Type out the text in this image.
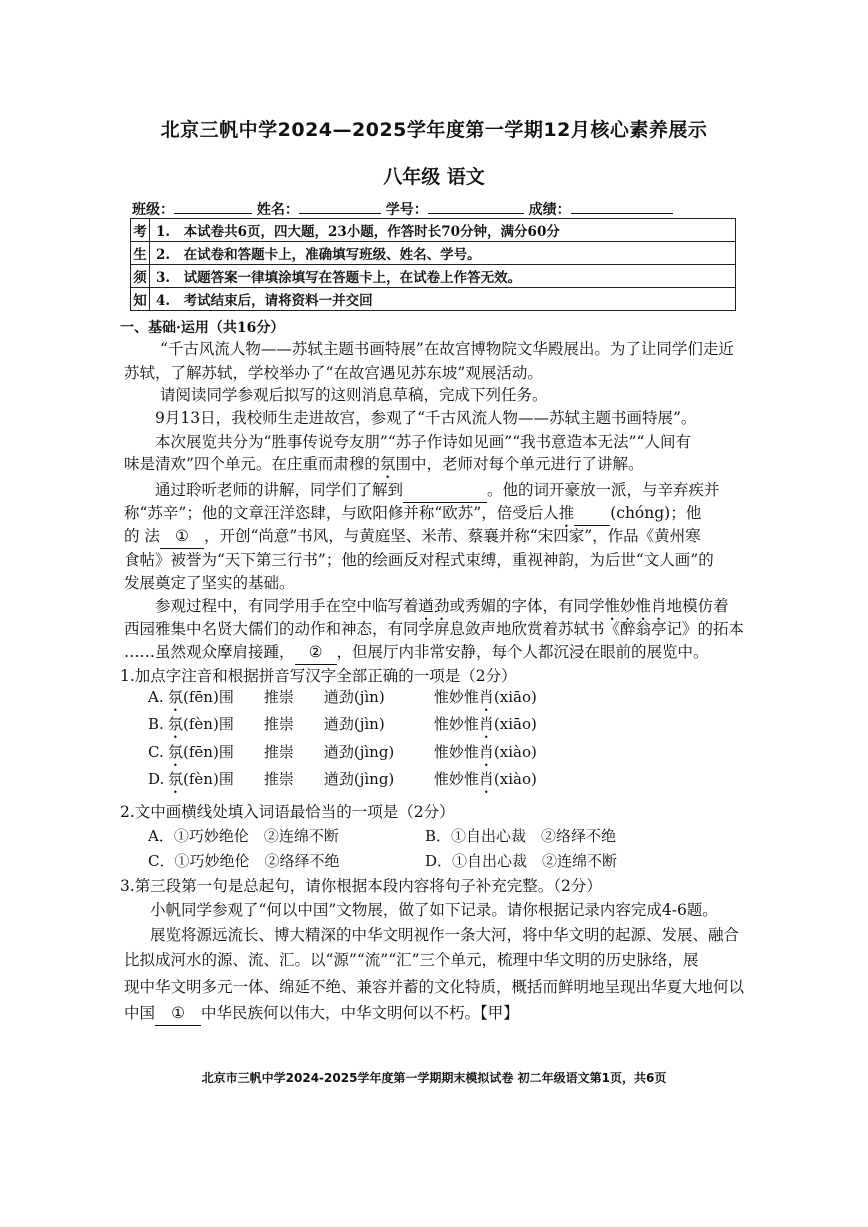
北京三帆中学2024—2025学年度第一学期12月核心素养展示
八年级 语文
班级：	姓名：	学号：	成绩：
考	1.　本试卷共6页，四大题，23小题，作答时长70分钟，满分60分
生	2.　在试卷和答题卡上，准确填写班级、姓名、学号。
须	3.　试题答案一律填涂填写在答题卡上，在试卷上作答无效。
知	4.　考试结束后，请将资料一并交回
一、基础·运用（共16分）
“千古风流人物——苏轼主题书画特展”在故宫博物院文华殿展出。为了让同学们走近
苏轼，了解苏轼，学校举办了“在故宫遇见苏东坡”观展活动。
请阅读同学参观后拟写的这则消息草稿，完成下列任务。
9月13日，我校师生走进故宫，参观了“千古风流人物——苏轼主题书画特展”。
本次展览共分为“胜事传说夸友朋”“苏子作诗如见画”“我书意造本无法”“人间有
味是清欢”四个单元。在庄重而肃穆的氛围中，老师对每个单元进行了讲解。
通过聆听老师的讲解，同学们了解到	。他的词开豪放一派，与辛弃疾并
称“苏辛”；他的文章汪洋恣肆，与欧阳修并称“欧苏”，倍受后人推 (chóng)；他
的 法 ① ，开创“尚意”书风，与黄庭坚、米芾、蔡襄并称“宋四家”，作品《黄州寒
食帖》被誉为“天下第三行书”；他的绘画反对程式束缚，重视神韵，为后世“文人画”的
发展奠定了坚实的基础。
参观过程中，有同学用手在空中临写着遒劲或秀媚的字体，有同学惟妙惟肖地模仿着
西园雅集中名贤大儒们的动作和神态，有同学屏息敛声地欣赏着苏轼书《醉翁亭记》的拓本
……虽然观众摩肩接踵， ② ，但展厅内非常安静，每个人都沉浸在眼前的展览中。
1.加点字注音和根据拼音写汉字全部正确的一项是（2分）
A. 氛(fēn)围 推崇 遒劲(jìn)	惟妙惟肖(xiāo)
B. 氛(fèn)围 推崇 遒劲(jìn)	惟妙惟肖(xiāo)
C. 氛(fēn)围 推崇 遒劲(jìng)	惟妙惟肖(xiào)
D. 氛(fèn)围 推崇 遒劲(jìng)	惟妙惟肖(xiào)
2.文中画横线处填入词语最恰当的一项是（2分）
A．①巧妙绝伦　②连绵不断	B．①自出心裁　②络绎不绝
C．①巧妙绝伦　②络绎不绝	D．①自出心裁　②连绵不断
3.第三段第一句是总起句，请你根据本段内容将句子补充完整。（2分）
小帆同学参观了“何以中国”文物展，做了如下记录。请你根据记录内容完成4-6题。
展览将源远流长、博大精深的中华文明视作一条大河，将中华文明的起源、发展、融合
比拟成河水的源、流、汇。以“源”“流”“汇”三个单元，梳理中华文明的历史脉络，展
现中华文明多元一体、绵延不绝、兼容并蓄的文化特质，概括而鲜明地呈现出华夏大地何以
中国 ① 中华民族何以伟大，中华文明何以不朽。【甲】
北京市三帆中学2024-2025学年度第一学期期末模拟试卷 初二年级语文第1页，共6页
